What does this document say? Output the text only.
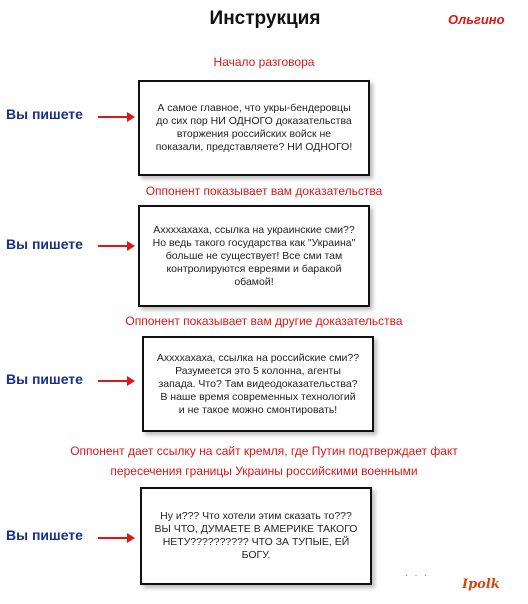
Инструкция	Ольгино
Начало разговора
Вы пишете	А самое главное, что укры-бендеровцы до сих пор НИ ОДНОГО доказательства вторжения российских войск не показали, представляете? НИ ОДНОГО!
Оппонент показывает вам доказательства
Вы пишете
Аххххахаха, ссылка на украинские сми?? Но ведь такого государства как "Украина" больше не существует! Все сми там контролируются евреями и баракой обамой!
Оппонент показывает вам другие доказательства
Вы пишете
Аххххахаха, ссылка на российские сми?? Разумеется это 5 колонна, агенты запада. Что? Там видеодоказательства? В наше время современных технологий и не такое можно смонтировать!
Оппонент дает ссылку на сайт кремля, где Путин подтверждает факт
пересечения границы Украины российскими военными
Вы пишете
Ну и??? Что хотели этим сказать то??? ВЫ ЧТО, ДУМАЕТЕ В АМЕРИКЕ ТАКОГО НЕТУ?????????? ЧТО ЗА ТУПЫЕ, ЕЙ БОГУ.
· · ·
Ipolk
